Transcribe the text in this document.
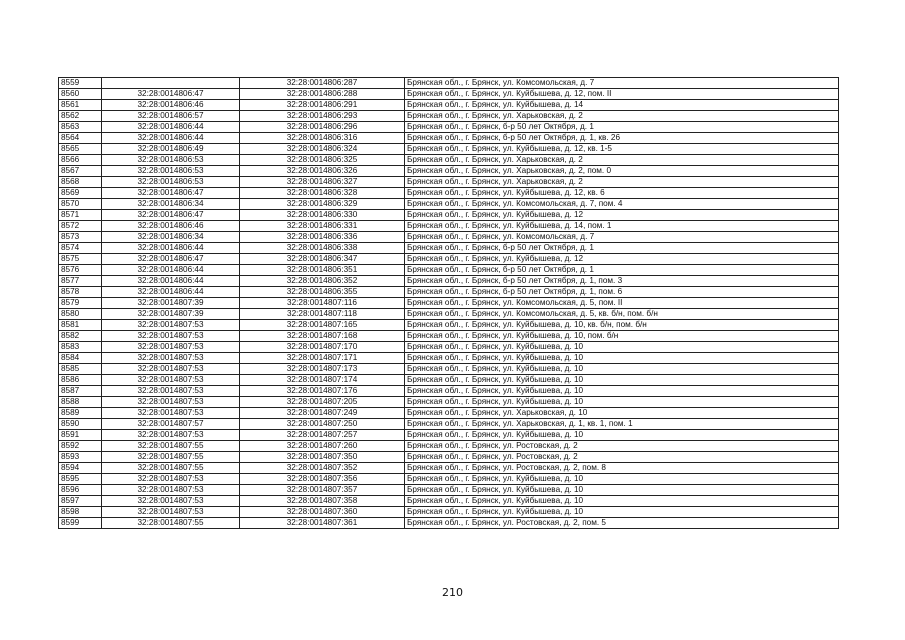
8559		32:28:0014806:287	Брянская обл., г. Брянск, ул. Комсомольская, д. 7
8560	32:28:0014806:47	32:28:0014806:288	Брянская обл., г. Брянск, ул. Куйбышева, д. 12, пом. II
8561	32:28:0014806:46	32:28:0014806:291	Брянская обл., г. Брянск, ул. Куйбышева, д. 14
8562	32:28:0014806:57	32:28:0014806:293	Брянская обл., г. Брянск, ул. Харьковская, д. 2
8563	32:28:0014806:44	32:28:0014806:296	Брянская обл., г. Брянск, б-р 50 лет Октября, д. 1
8564	32:28:0014806:44	32:28:0014806:316	Брянская обл., г. Брянск, б-р 50 лет Октября, д. 1, кв. 26
8565	32:28:0014806:49	32:28:0014806:324	Брянская обл., г. Брянск, ул. Куйбышева, д. 12, кв. 1-5
8566	32:28:0014806:53	32:28:0014806:325	Брянская обл., г. Брянск, ул. Харьковская, д. 2
8567	32:28:0014806:53	32:28:0014806:326	Брянская обл., г. Брянск, ул. Харьковская, д. 2, пом. 0
8568	32:28:0014806:53	32:28:0014806:327	Брянская обл., г. Брянск, ул. Харьковская, д. 2
8569	32:28:0014806:47	32:28:0014806:328	Брянская обл., г. Брянск, ул. Куйбышева, д. 12, кв. 6
8570	32:28:0014806:34	32:28:0014806:329	Брянская обл., г. Брянск, ул. Комсомольская, д. 7, пом. 4
8571	32:28:0014806:47	32:28:0014806:330	Брянская обл., г. Брянск, ул. Куйбышева, д. 12
8572	32:28:0014806:46	32:28:0014806:331	Брянская обл., г. Брянск, ул. Куйбышева, д. 14, пом. 1
8573	32:28:0014806:34	32:28:0014806:336	Брянская обл., г. Брянск, ул. Комсомольская, д. 7
8574	32:28:0014806:44	32:28:0014806:338	Брянская обл., г. Брянск, б-р 50 лет Октября, д. 1
8575	32:28:0014806:47	32:28:0014806:347	Брянская обл., г. Брянск, ул. Куйбышева, д. 12
8576	32:28:0014806:44	32:28:0014806:351	Брянская обл., г. Брянск, б-р 50 лет Октября, д. 1
8577	32:28:0014806:44	32:28:0014806:352	Брянская обл., г. Брянск, б-р 50 лет Октября, д. 1, пом. 3
8578	32:28:0014806:44	32:28:0014806:355	Брянская обл., г. Брянск, б-р 50 лет Октября, д. 1, пом. 6
8579	32:28:0014807:39	32:28:0014807:116	Брянская обл., г. Брянск, ул. Комсомольская, д. 5, пом. II
8580	32:28:0014807:39	32:28:0014807:118	Брянская обл., г. Брянск, ул. Комсомольская, д. 5, кв. б/н, пом. б/н
8581	32:28:0014807:53	32:28:0014807:165	Брянская обл., г. Брянск, ул. Куйбышева, д. 10, кв. б/н, пом. б/н
8582	32:28:0014807:53	32:28:0014807:168	Брянская обл., г. Брянск, ул. Куйбышева, д. 10, пом. б/н
8583	32:28:0014807:53	32:28:0014807:170	Брянская обл., г. Брянск, ул. Куйбышева, д. 10
8584	32:28:0014807:53	32:28:0014807:171	Брянская обл., г. Брянск, ул. Куйбышева, д. 10
8585	32:28:0014807:53	32:28:0014807:173	Брянская обл., г. Брянск, ул. Куйбышева, д. 10
8586	32:28:0014807:53	32:28:0014807:174	Брянская обл., г. Брянск, ул. Куйбышева, д. 10
8587	32:28:0014807:53	32:28:0014807:176	Брянская обл., г. Брянск, ул. Куйбышева, д. 10
8588	32:28:0014807:53	32:28:0014807:205	Брянская обл., г. Брянск, ул. Куйбышева, д. 10
8589	32:28:0014807:53	32:28:0014807:249	Брянская обл., г. Брянск, ул. Харьковская, д. 10
8590	32:28:0014807:57	32:28:0014807:250	Брянская обл., г. Брянск, ул. Харьковская, д. 1, кв. 1, пом. 1
8591	32:28:0014807:53	32:28:0014807:257	Брянская обл., г. Брянск, ул. Куйбышева, д. 10
8592	32:28:0014807:55	32:28:0014807:260	Брянская обл., г. Брянск, ул. Ростовская, д. 2
8593	32:28:0014807:55	32:28:0014807:350	Брянская обл., г. Брянск, ул. Ростовская, д. 2
8594	32:28:0014807:55	32:28:0014807:352	Брянская обл., г. Брянск, ул. Ростовская, д. 2, пом. 8
8595	32:28:0014807:53	32:28:0014807:356	Брянская обл., г. Брянск, ул. Куйбышева, д. 10
8596	32:28:0014807:53	32:28:0014807:357	Брянская обл., г. Брянск, ул. Куйбышева, д. 10
8597	32:28:0014807:53	32:28:0014807:358	Брянская обл., г. Брянск, ул. Куйбышева, д. 10
8598	32:28:0014807:53	32:28:0014807:360	Брянская обл., г. Брянск, ул. Куйбышева, д. 10
8599	32:28:0014807:55	32:28:0014807:361	Брянская обл., г. Брянск, ул. Ростовская, д. 2, пом. 5
210
